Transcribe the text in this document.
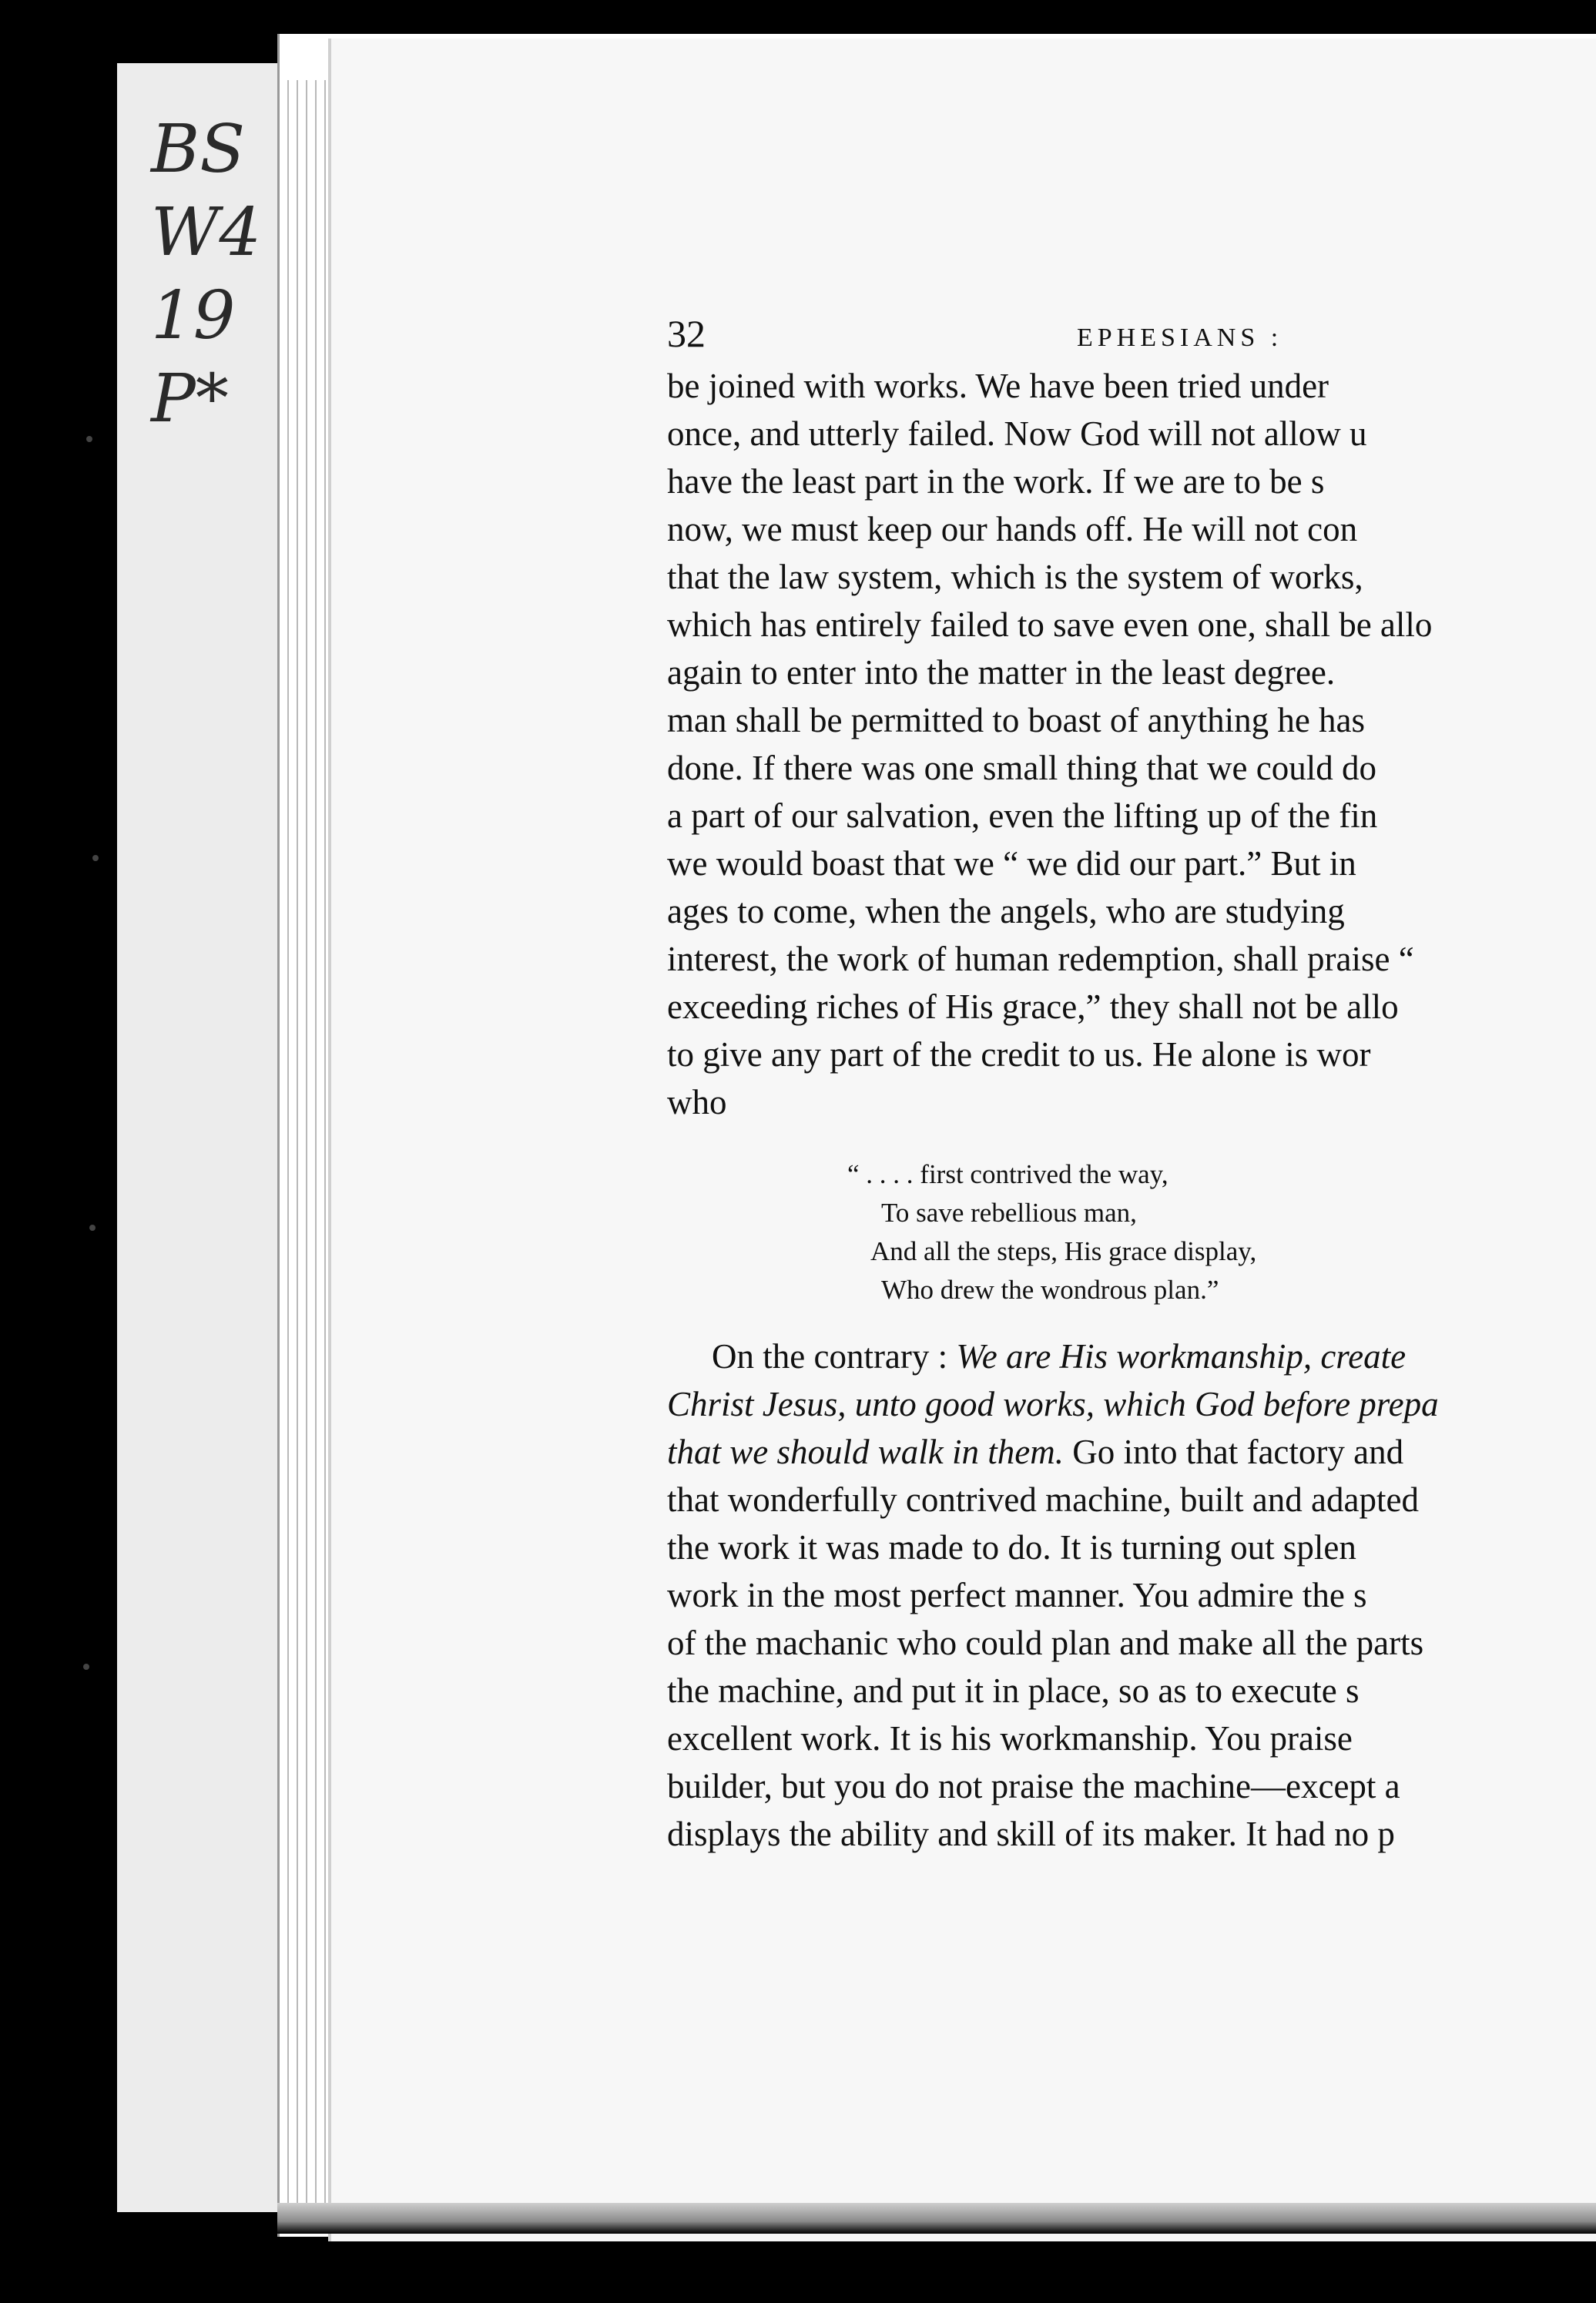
BS
W4
19
P*
32	EPHESIANS :
be joined with works. We have been tried under
once, and utterly failed. Now God will not allow u
have the least part in the work. If we are to be s
now, we must keep our hands off. He will not con
that the law system, which is the system of works,
which has entirely failed to save even one, shall be allo
again to enter into the matter in the least degree.
man shall be permitted to boast of anything he has
done. If there was one small thing that we could do
a part of our salvation, even the lifting up of the fin
we would boast that we “ we did our part.” But in
ages to come, when the angels, who are studying
interest, the work of human redemption, shall praise “
exceeding riches of His grace,” they shall not be allo
to give any part of the credit to us. He alone is wor
who
“ . . . . first contrived the way,
To save rebellious man,
And all the steps, His grace display,
Who drew the wondrous plan.”
On the contrary : We are His workmanship, create
Christ Jesus, unto good works, which God before prepa
that we should walk in them. Go into that factory and
that wonderfully contrived machine, built and adapted
the work it was made to do. It is turning out splen
work in the most perfect manner. You admire the s
of the machanic who could plan and make all the parts
the machine, and put it in place, so as to execute s
excellent work. It is his workmanship. You praise
builder, but you do not praise the machine—except a
displays the ability and skill of its maker. It had no p
